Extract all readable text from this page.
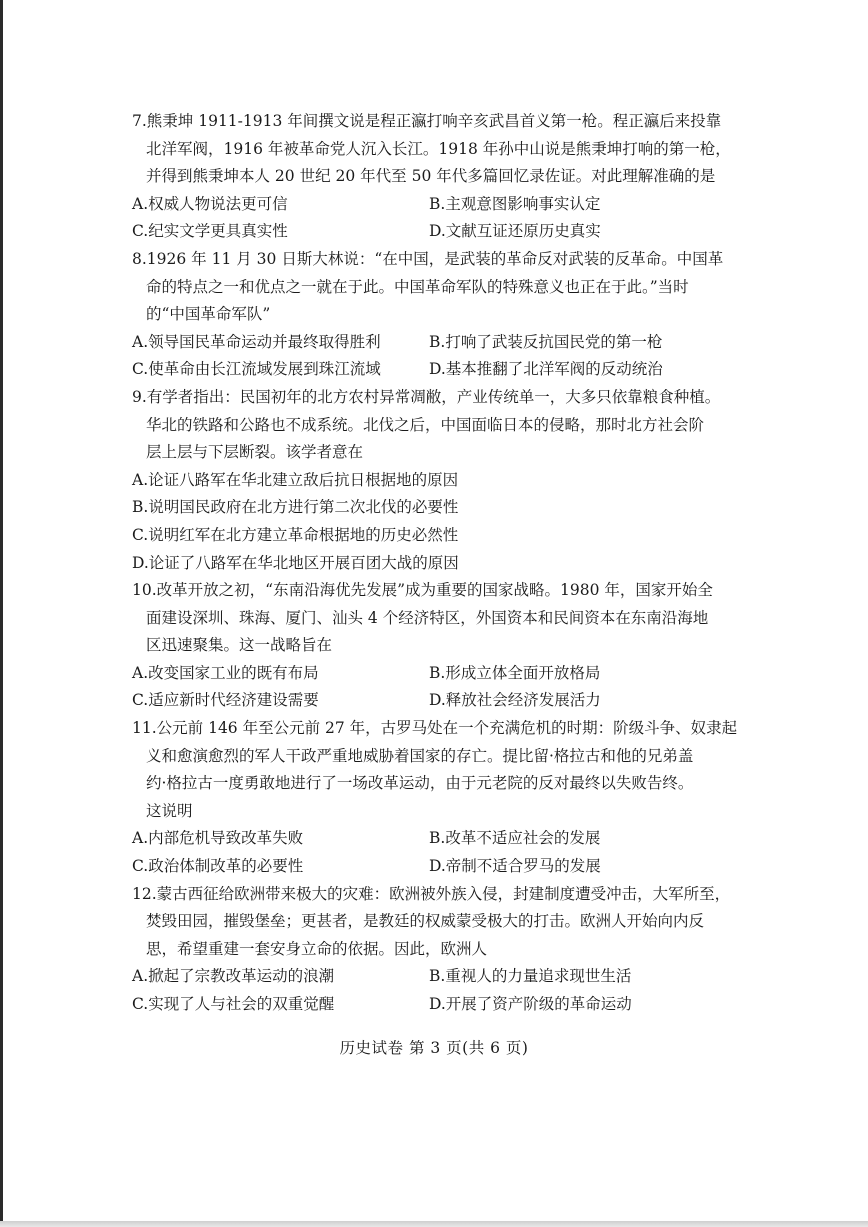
7.熊秉坤 1911-1913 年间撰文说是程正瀛打响辛亥武昌首义第一枪。程正瀛后来投靠
北洋军阀，1916 年被革命党人沉入长江。1918 年孙中山说是熊秉坤打响的第一枪，
并得到熊秉坤本人 20 世纪 20 年代至 50 年代多篇回忆录佐证。对此理解准确的是
A.权威人物说法更可信	B.主观意图影响事实认定
C.纪实文学更具真实性	D.文献互证还原历史真实
8.1926 年 11 月 30 日斯大林说：“在中国，是武装的革命反对武装的反革命。中国革
命的特点之一和优点之一就在于此。中国革命军队的特殊意义也正在于此。”当时
的“中国革命军队”
A.领导国民革命运动并最终取得胜利	B.打响了武装反抗国民党的第一枪
C.使革命由长江流域发展到珠江流域	D.基本推翻了北洋军阀的反动统治
9.有学者指出：民国初年的北方农村异常凋敝，产业传统单一，大多只依靠粮食种植。
华北的铁路和公路也不成系统。北伐之后，中国面临日本的侵略，那时北方社会阶
层上层与下层断裂。该学者意在
A.论证八路军在华北建立敌后抗日根据地的原因
B.说明国民政府在北方进行第二次北伐的必要性
C.说明红军在北方建立革命根据地的历史必然性
D.论证了八路军在华北地区开展百团大战的原因
10.改革开放之初，“东南沿海优先发展”成为重要的国家战略。1980 年，国家开始全
面建设深圳、珠海、厦门、汕头 4 个经济特区，外国资本和民间资本在东南沿海地
区迅速聚集。这一战略旨在
A.改变国家工业的既有布局	B.形成立体全面开放格局
C.适应新时代经济建设需要	D.释放社会经济发展活力
11.公元前 146 年至公元前 27 年，古罗马处在一个充满危机的时期：阶级斗争、奴隶起
义和愈演愈烈的军人干政严重地威胁着国家的存亡。提比留·格拉古和他的兄弟盖
约·格拉古一度勇敢地进行了一场改革运动，由于元老院的反对最终以失败告终。
这说明
A.内部危机导致改革失败	B.改革不适应社会的发展
C.政治体制改革的必要性	D.帝制不适合罗马的发展
12.蒙古西征给欧洲带来极大的灾难：欧洲被外族入侵，封建制度遭受冲击，大军所至，
焚毁田园，摧毁堡垒；更甚者，是教廷的权威蒙受极大的打击。欧洲人开始向内反
思，希望重建一套安身立命的依据。因此，欧洲人
A.掀起了宗教改革运动的浪潮	B.重视人的力量追求现世生活
C.实现了人与社会的双重觉醒	D.开展了资产阶级的革命运动
历史试卷 第 3 页(共 6 页)
